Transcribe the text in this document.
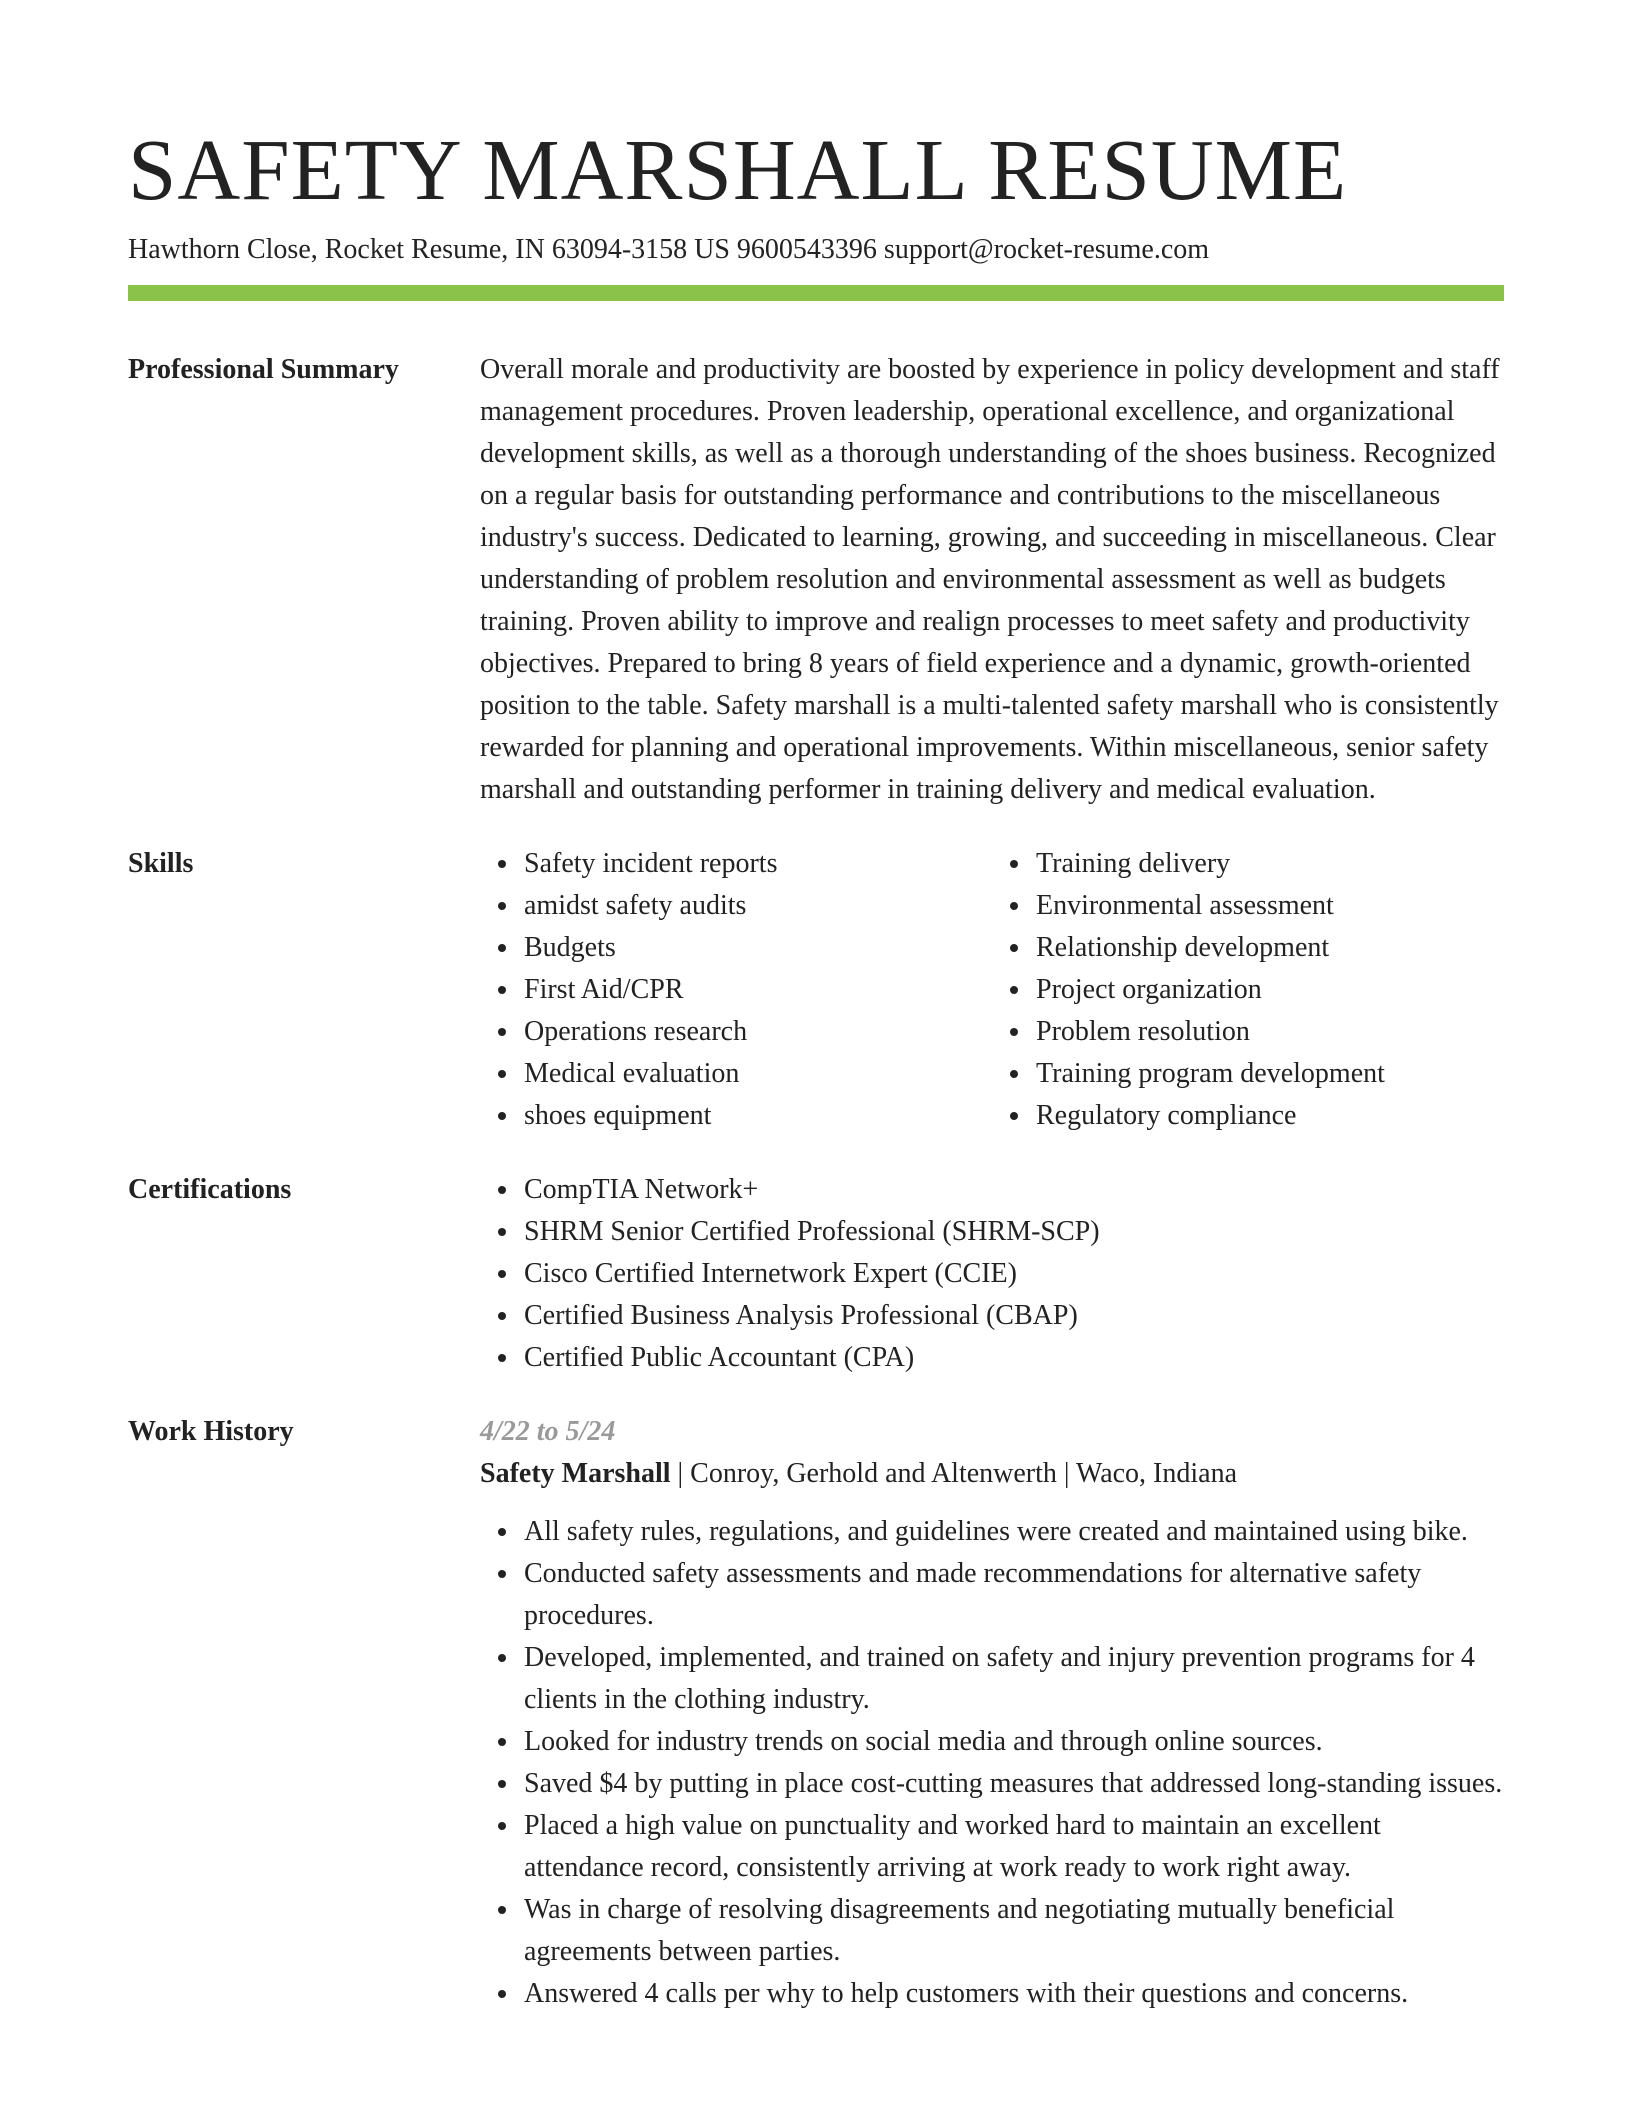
SAFETY MARSHALL RESUME
Hawthorn Close, Rocket Resume, IN 63094-3158 US 9600543396 support@rocket-resume.com
Professional Summary	Overall morale and productivity are boosted by experience in policy development and staff management procedures. Proven leadership, operational excellence, and organizational development skills, as well as a thorough understanding of the shoes business. Recognized on a regular basis for outstanding performance and contributions to the miscellaneous industry's success. Dedicated to learning, growing, and succeeding in miscellaneous. Clear understanding of problem resolution and environmental assessment as well as budgets training. Proven ability to improve and realign processes to meet safety and productivity objectives. Prepared to bring 8 years of field experience and a dynamic, growth-oriented position to the table. Safety marshall is a multi-talented safety marshall who is consistently rewarded for planning and operational improvements. Within miscellaneous, senior safety marshall and outstanding performer in training delivery and medical evaluation.

Skills	Safety incident reports
amidst safety audits
Budgets
First Aid/CPR
Operations research
Medical evaluation
shoes equipment
Training delivery
Environmental assessment
Relationship development
Project organization
Problem resolution
Training program development
Regulatory compliance
Certifications	CompTIA Network+
SHRM Senior Certified Professional (SHRM-SCP)
Cisco Certified Internetwork Expert (CCIE)
Certified Business Analysis Professional (CBAP)
Certified Public Accountant (CPA)
Work History	4/22 to 5/24
Safety Marshall | Conroy, Gerhold and Altenwerth | Waco, Indiana
All safety rules, regulations, and guidelines were created and maintained using bike.
Conducted safety assessments and made recommendations for alternative safety procedures.
Developed, implemented, and trained on safety and injury prevention programs for 4 clients in the clothing industry.
Looked for industry trends on social media and through online sources.
Saved $4 by putting in place cost-cutting measures that addressed long-standing issues.
Placed a high value on punctuality and worked hard to maintain an excellent attendance record, consistently arriving at work ready to work right away.
Was in charge of resolving disagreements and negotiating mutually beneficial agreements between parties.
Answered 4 calls per why to help customers with their questions and concerns.
